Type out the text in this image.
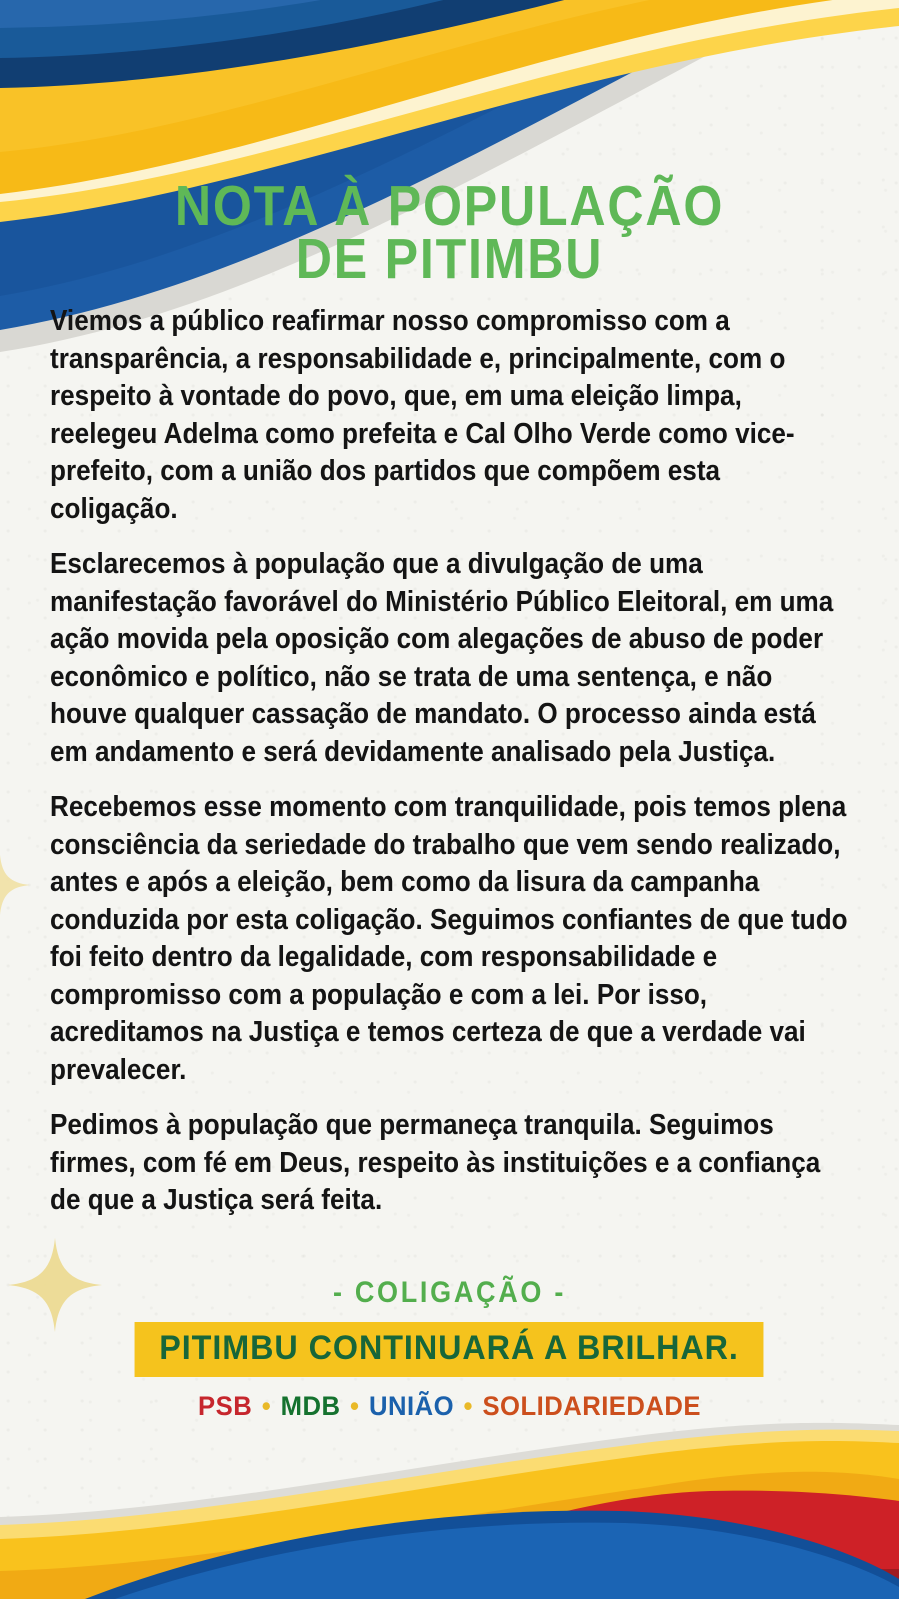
NOTA À POPULAÇÃO
DE PITIMBU

Viemos a público reafirmar nosso compromisso com a transparência, a responsabilidade e, principalmente, com o respeito à vontade do povo, que, em uma eleição limpa, reelegeu Adelma como prefeita e Cal Olho Verde como vice-prefeito, com a união dos partidos que compõem esta coligação.

Esclarecemos à população que a divulgação de uma manifestação favorável do Ministério Público Eleitoral, em uma ação movida pela oposição com alegações de abuso de poder econômico e político, não se trata de uma sentença, e não houve qualquer cassação de mandato. O processo ainda está em andamento e será devidamente analisado pela Justiça.

Recebemos esse momento com tranquilidade, pois temos plena consciência da seriedade do trabalho que vem sendo realizado, antes e após a eleição, bem como da lisura da campanha conduzida por esta coligação. Seguimos confiantes de que tudo foi feito dentro da legalidade, com responsabilidade e compromisso com a população e com a lei. Por isso, acreditamos na Justiça e temos certeza de que a verdade vai prevalecer.

Pedimos à população que permaneça tranquila. Seguimos firmes, com fé em Deus, respeito às instituições e a confiança de que a Justiça será feita.

- COLIGAÇÃO -
PITIMBU CONTINUARÁ A BRILHAR.
PSB • MDB • UNIÃO • SOLIDARIEDADE
